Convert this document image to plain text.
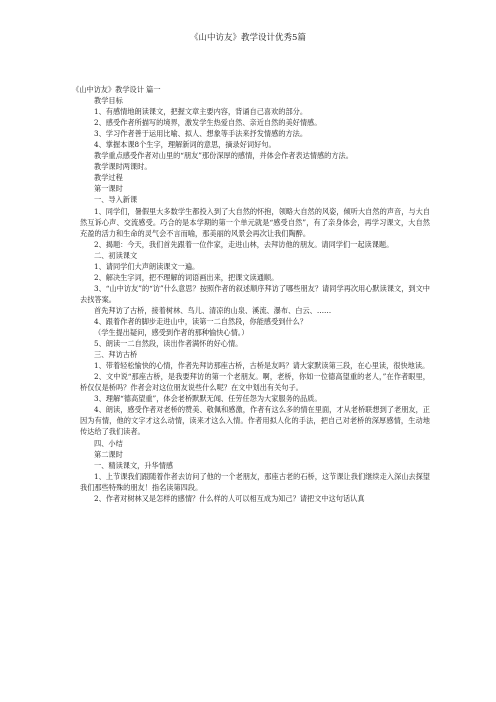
《山中访友》教学设计优秀5篇

《山中访友》教学设计 篇一

教学目标

1、有感情地朗读课文，把握文章主要内容，背诵自己喜欢的部分。

2、感受作者所描写的境界，激发学生热爱自然、亲近自然的美好情感。

3、学习作者善于运用比喻、拟人、想象等手法来抒发情感的方法。

4、掌握本课8个生字，理解新词的意思，摘录好词好句。

教学重点感受作者对山里的“朋友”那份深厚的感情，并体会作者表达情感的方法。

教学课时两课时。

教学过程

第一课时

一、导入新课

1、同学们，暑假里大多数学生都投入到了大自然的怀抱，领略大自然的风姿，倾听大自然的声音，与大自然互诉心声、交流感受。巧合的是本学期的第一个单元就是“感受自然”，有了亲身体会，再学习课文，大自然充盈的活力和生命的灵气会不言而喻，那美丽的风景会再次让我们陶醉。

2、揭题：今天，我们首先跟着一位作家，走进山林，去拜访他的朋友。请同学们一起读课题。

二、初读课文

1、请同学们大声朗读课文一遍。

2、解决生字词，把不理解的词语画出来，把课文读通顺。

3、“山中访友”的“访”什么意思？按照作者的叙述顺序拜访了哪些朋友？请同学再次用心默读课文，到文中去找答案。

首先拜访了古桥，接着树林、鸟儿、清凉的山泉、溪流、瀑布、白云、……

4、跟着作者的脚步走进山中，读第一二自然段，你能感受到什么？

（学生提出疑问，感受到作者的那种愉快心情。）

5、朗读一二自然段，读出作者满怀的好心情。

三、拜访古桥

1、带着轻松愉快的心情，作者先拜访那座古桥，古桥是友吗？请大家默读第三段，在心里读，很快地读。

2、文中说“那座古桥，是我要拜访的第一个老朋友。啊，老桥，你如一位德高望重的老人，”在作者眼里，桥仅仅是桥吗？作者会对这位朋友说些什么呢？在文中划出有关句子。

3、理解“德高望重”，体会老桥默默无闻、任劳任怨为大家服务的品质。

4、朗读，感受作者对老桥的赞美、敬佩和感激，作者有这么多的情在里面，才从老桥联想到了老朋友，正因为有情，他的文字才这么动情，读来才这么入情。作者用拟人化的手法，把自己对老桥的深厚感情，生动地传达给了我们读者。

四、小结

第二课时

一、精读课文，升华情感

1、上节课我们跟随着作者去访问了他的一个老朋友，那座古老的石桥，这节课让我们继续走入深山去探望我们那些特殊的朋友！指名读第四段。

2、作者对树林又是怎样的感情？什么样的人可以相互成为知己？请把文中这句话认真
